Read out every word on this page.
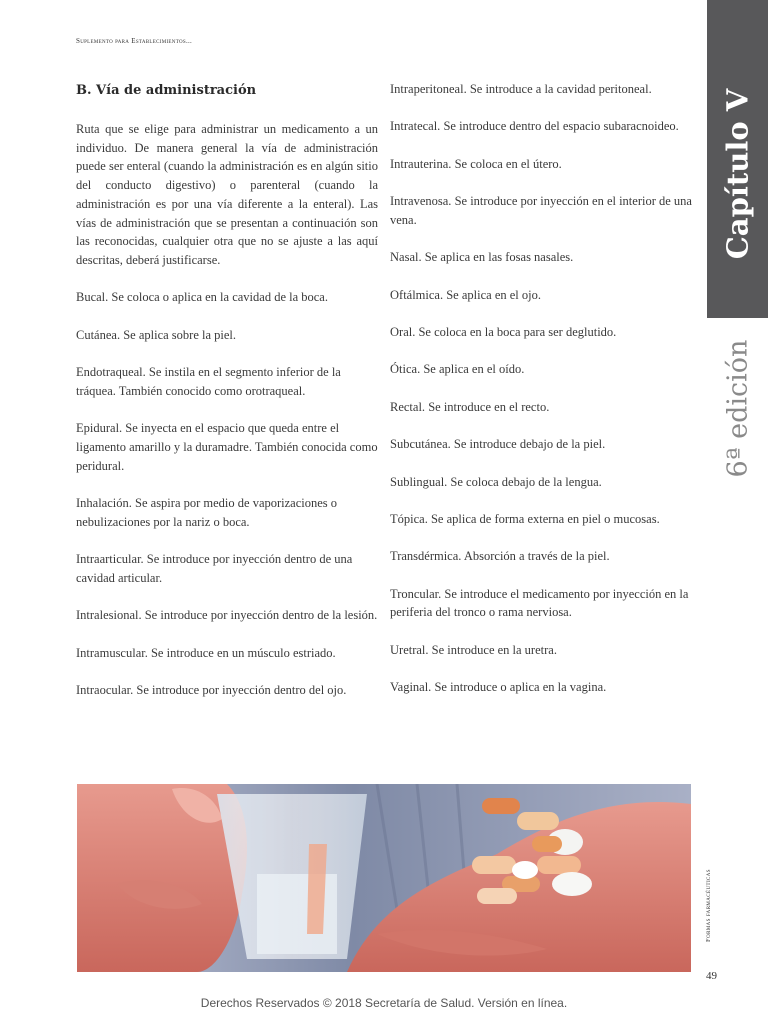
Suplemento para Establecimientos...
Capítulo V
6ª edición
B. Vía de administración

Ruta que se elige para administrar un medicamento a un individuo. De manera general la vía de administración puede ser enteral (cuando la administración es en algún sitio del conducto digestivo) o parenteral (cuando la administración es por una vía diferente a la enteral). Las vías de administración que se presentan a continuación son las reconocidas, cualquier otra que no se ajuste a las aquí descritas, deberá justificarse.

Bucal. Se coloca o aplica en la cavidad de la boca.

Cutánea. Se aplica sobre la piel.

Endotraqueal. Se instila en el segmento inferior de la tráquea. También conocido como orotraqueal.

Epidural. Se inyecta en el espacio que queda entre el ligamento amarillo y la duramadre. También conocida como peridural.

Inhalación. Se aspira por medio de vaporizaciones o nebulizaciones por la nariz o boca.

Intraarticular. Se introduce por inyección dentro de una cavidad articular.

Intralesional. Se introduce por inyección dentro de la lesión.

Intramuscular. Se introduce en un músculo estriado.

Intraocular. Se introduce por inyección dentro del ojo.

Intraperitoneal. Se introduce a la cavidad peritoneal.

Intratecal. Se introduce dentro del espacio subaracnoideo.

Intrauterina. Se coloca en el útero.

Intravenosa. Se introduce por inyección en el interior de una vena.

Nasal. Se aplica en las fosas nasales.

Oftálmica. Se aplica en el ojo.

Oral. Se coloca en la boca para ser deglutido.

Ótica. Se aplica en el oído.

Rectal. Se introduce en el recto.

Subcutánea. Se introduce debajo de la piel.

Sublingual. Se coloca debajo de la lengua.

Tópica. Se aplica de forma externa en piel o mucosas.

Transdérmica. Absorción a través de la piel.

Troncular. Se introduce el medicamento por inyección en la periferia del tronco o rama nerviosa.

Uretral. Se introduce en la uretra.

Vaginal. Se introduce o aplica en la vagina.

Formas farmacéuticas
49
Derechos Reservados © 2018 Secretaría de Salud. Versión en línea.
